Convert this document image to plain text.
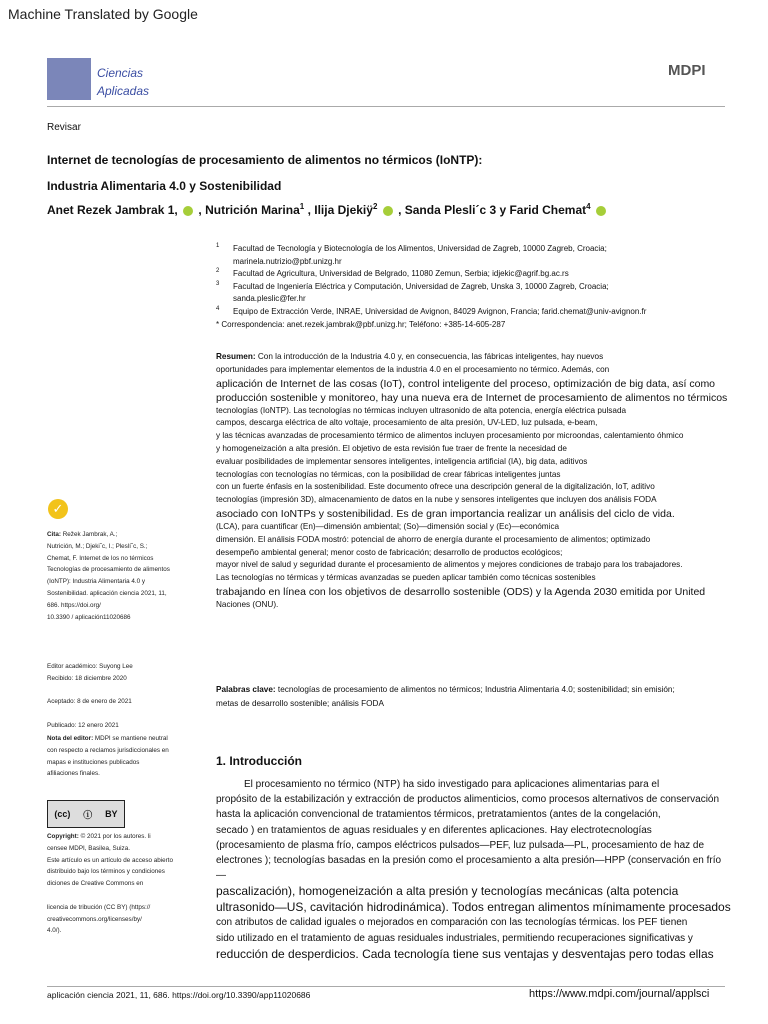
Machine Translated by Google
Ciencias
Aplicadas
MDPI
Revisar
Internet de tecnologías de procesamiento de alimentos no térmicos (IoNTP):
Industria Alimentaria 4.0 y Sostenibilidad
Anet Rezek Jambrak 1, , Nutrición Marina$^1$ , Ilija Djekiÿ$^2$ , Sanda Plesli´c 3 y Farid Chemat$^4$
1 Facultad de Tecnología y Biotecnología de los Alimentos, Universidad de Zagreb, 10000 Zagreb, Croacia;
marinela.nutrizio@pbf.unizg.hr
2 Facultad de Agricultura, Universidad de Belgrado, 11080 Zemun, Serbia; idjekic@agrif.bg.ac.rs
3 Facultad de Ingeniería Eléctrica y Computación, Universidad de Zagreb, Unska 3, 10000 Zagreb, Croacia;
sanda.pleslic@fer.hr
4 Equipo de Extracción Verde, INRAE, Universidad de Avignon, 84029 Avignon, Francia; farid.chemat@univ-avignon.fr
* Correspondencia: anet.rezek.jambrak@pbf.unizg.hr; Teléfono: +385-14-605-287
Resumen: Con la introducción de la Industria 4.0 y, en consecuencia, las fábricas inteligentes, hay nuevos
oportunidades para implementar elementos de la industria 4.0 en el procesamiento no térmico. Además, con
aplicación de Internet de las cosas (IoT), control inteligente del proceso, optimización de big data, así como
producción sostenible y monitoreo, hay una nueva era de Internet de procesamiento de alimentos no térmicos
tecnologías (IoNTP). Las tecnologías no térmicas incluyen ultrasonido de alta potencia, energía eléctrica pulsada
campos, descarga eléctrica de alto voltaje, procesamiento de alta presión, UV-LED, luz pulsada, e-beam,
y las técnicas avanzadas de procesamiento térmico de alimentos incluyen procesamiento por microondas, calentamiento óhmico
y homogeneización a alta presión. El objetivo de esta revisión fue traer de frente la necesidad de
evaluar posibilidades de implementar sensores inteligentes, inteligencia artificial (IA), big data, aditivos
tecnologías con tecnologías no térmicas, con la posibilidad de crear fábricas inteligentes juntas
con un fuerte énfasis en la sostenibilidad. Este documento ofrece una descripción general de la digitalización, IoT, aditivo
tecnologías (impresión 3D), almacenamiento de datos en la nube y sensores inteligentes que incluyen dos análisis FODA
asociado con IoNTPs y sostenibilidad. Es de gran importancia realizar un análisis del ciclo de vida.
(LCA), para cuantificar (En)—dimensión ambiental; (So)—dimensión social y (Ec)—económica
dimensión. El análisis FODA mostró: potencial de ahorro de energía durante el procesamiento de alimentos; optimizado
desempeño ambiental general; menor costo de fabricación; desarrollo de productos ecológicos;
mayor nivel de salud y seguridad durante el procesamiento de alimentos y mejores condiciones de trabajo para los trabajadores.
Las tecnologías no térmicas y térmicas avanzadas se pueden aplicar también como técnicas sostenibles
trabajando en línea con los objetivos de desarrollo sostenible (ODS) y la Agenda 2030 emitida por United
Naciones (ONU).
Palabras clave: tecnologías de procesamiento de alimentos no térmicos; Industria Alimentaria 4.0; sostenibilidad; sin emisión;
metas de desarrollo sostenible; análisis FODA
1. Introducción
El procesamiento no térmico (NTP) ha sido investigado para aplicaciones alimentarias para el
propósito de la estabilización y extracción de productos alimenticios, como procesos alternativos de conservación
hasta la aplicación convencional de tratamientos térmicos, pretratamientos (antes de la congelación,
secado ) en tratamientos de aguas residuales y en diferentes aplicaciones. Hay electrotecnologías
(procesamiento de plasma frío, campos eléctricos pulsados—PEF, luz pulsada—PL, procesamiento de haz de
electrones ); tecnologías basadas en la presión como el procesamiento a alta presión—HPP (conservación en frío—
pascalización), homogeneización a alta presión y tecnologías mecánicas (alta potencia
ultrasonido—US, cavitación hidrodinámica). Todos entregan alimentos mínimamente procesados
con atributos de calidad iguales o mejorados en comparación con las tecnologías térmicas. los PEF tienen
sido utilizado en el tratamiento de aguas residuales industriales, permitiendo recuperaciones significativas y
reducción de desperdicios. Cada tecnología tiene sus ventajas y desventajas pero todas ellas
✓
Cita: Režek Jambrak, A.;
Nutrición, M.; Djekiˇc, I.; Pleslíˇc, S.;
Chemat, F. Internet de los no térmicos
Tecnologías de procesamiento de alimentos
(IoNTP): Industria Alimentaria 4.0 y
Sostenibilidad. aplicación ciencia 2021, 11,
686. https://doi.org/
10.3390 / aplicación11020686
Editor académico: Suyong Lee
Recibido: 18 diciembre 2020

Aceptado: 8 de enero de 2021

Publicado: 12 enero 2021
Nota del editor: MDPI se mantiene neutral
con respecto a reclamos jurisdiccionales en
mapas e instituciones publicados
afiliaciones finales.
(cc) ⓘ BY
Copyright: © 2021 por los autores. li
censee MDPI, Basilea, Suiza.
Este artículo es un artículo de acceso abierto
distribuido bajo los términos y condiciones
diciones de Creative Commons en

licencia de tribución (CC BY) (https://
creativecommons.org/licenses/by/
4.0/).
aplicación ciencia 2021, 11, 686. https://doi.org/10.3390/app11020686	https://www.mdpi.com/journal/applsci
